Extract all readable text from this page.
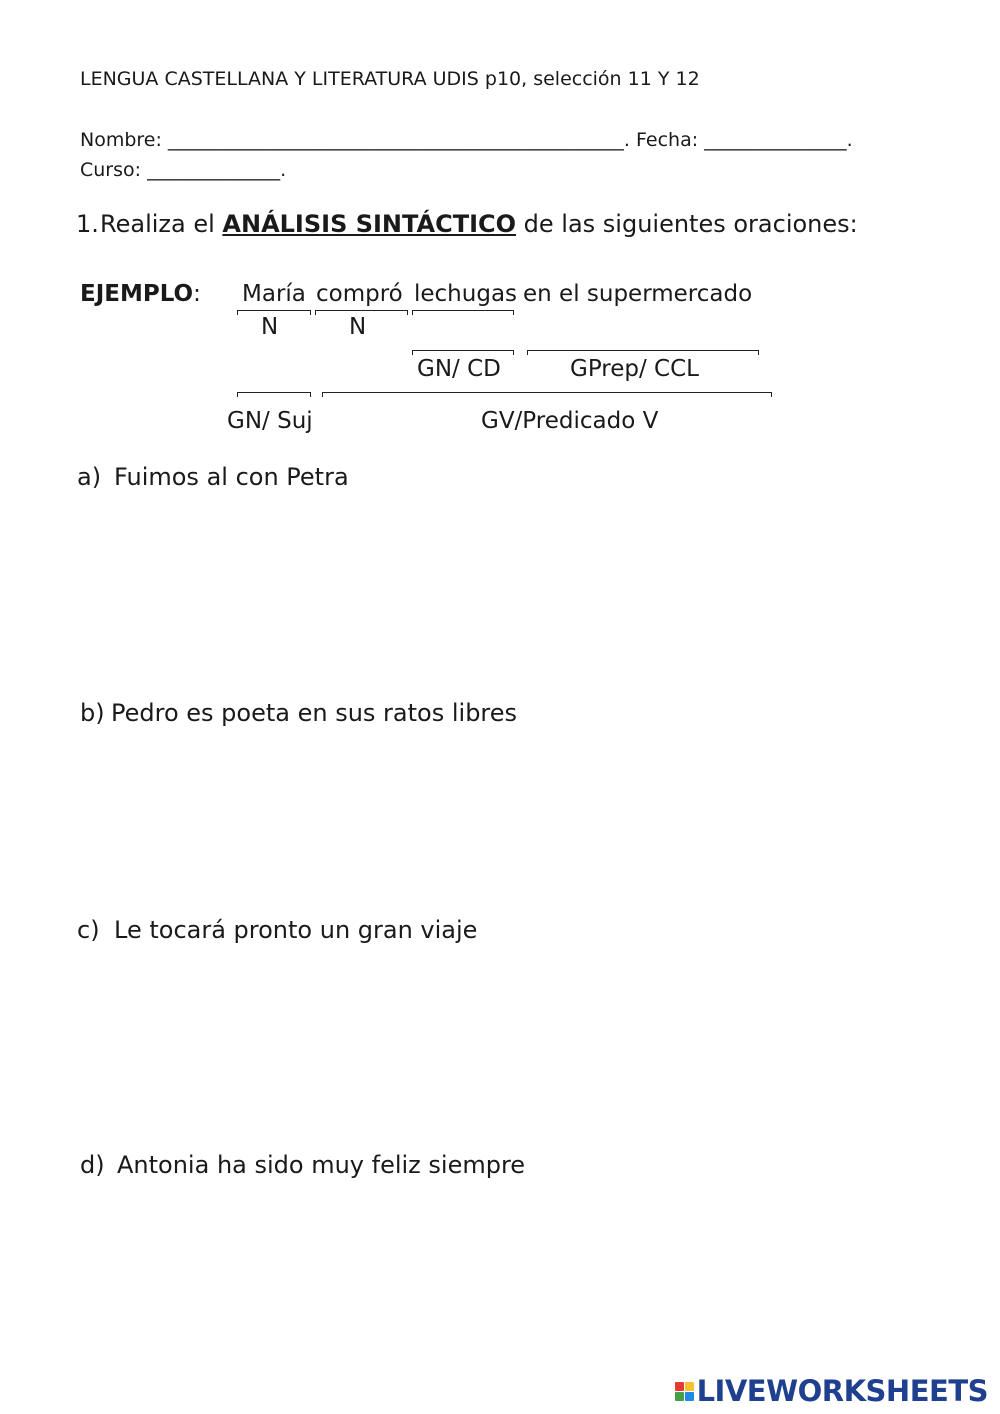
LENGUA CASTELLANA Y LITERATURA UDIS p10, selección 11 Y 12
Nombre: ________________________________________________. Fecha: _______________.
Curso: ______________.
1.Realiza el ANÁLISIS SINTÁCTICO de las siguientes oraciones:
EJEMPLO: María compró lechugas en el supermercado
N	N
GN/ CD	GPrep/ CCL
GN/ Suj	GV/Predicado V
a) Fuimos al con Petra
b) Pedro es poeta en sus ratos libres
c) Le tocará pronto un gran viaje
d) Antonia ha sido muy feliz siempre
LIVEWORKSHEETS
